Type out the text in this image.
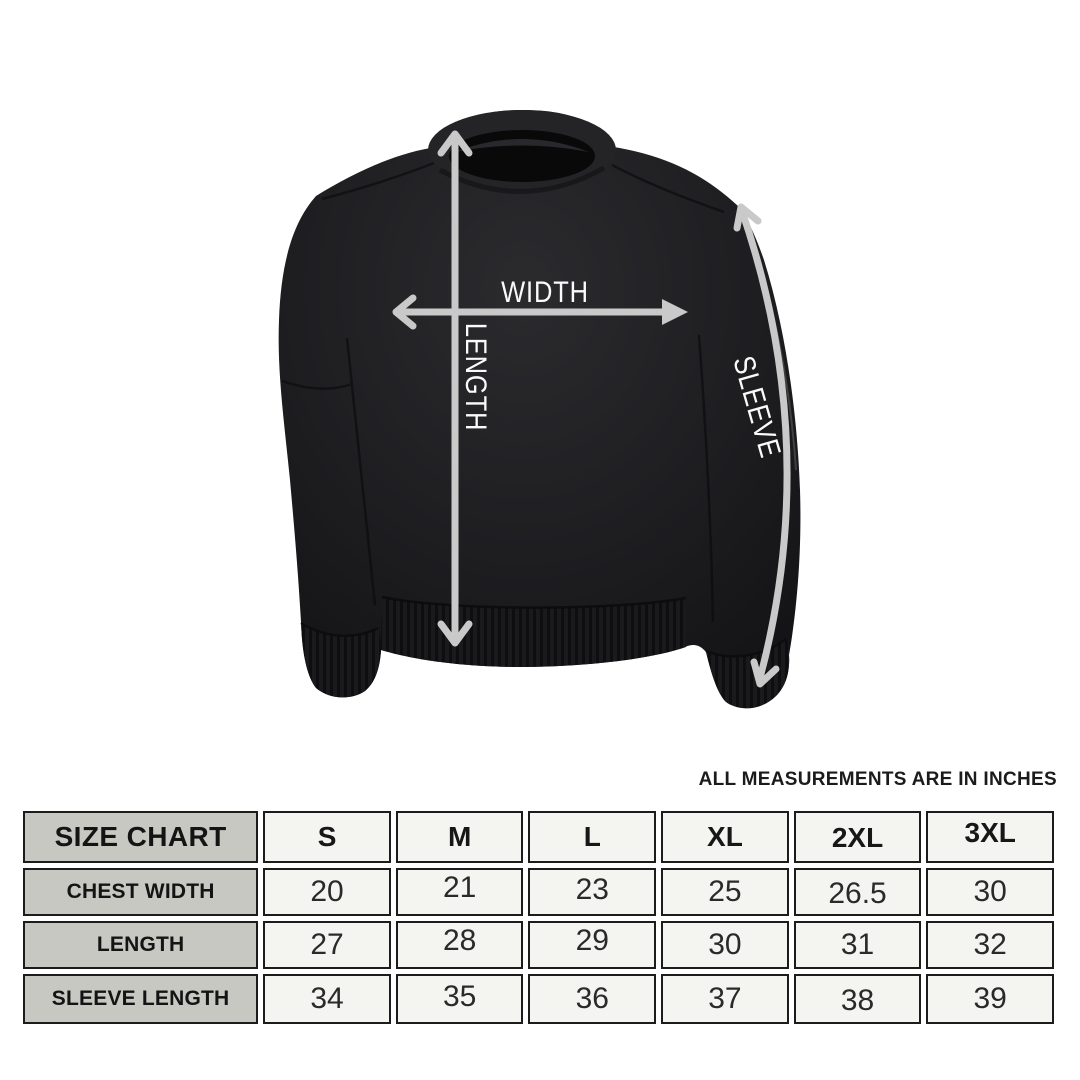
WIDTH
LENGTH	SLEEVE
ALL MEASUREMENTS ARE IN INCHES
SIZE CHART	S	M	L	XL	2XL	3XL
CHEST WIDTH	20	21	23	25	26.5	30
LENGTH	27	28	29	30	31	32
SLEEVE LENGTH	34	35	36	37	38	39
